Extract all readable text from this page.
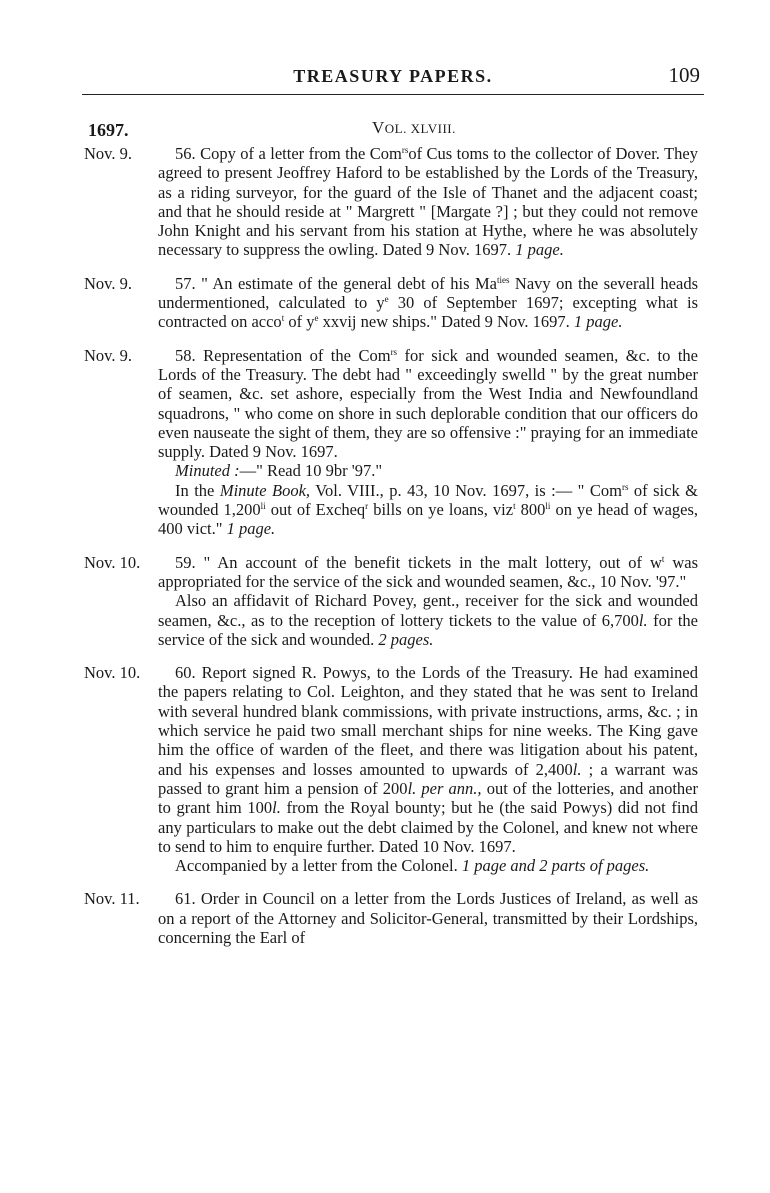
TREASURY PAPERS.	109
1697.	VOL. XLVIII.
Nov. 9.	56. Copy of a letter from the Com$^{rs}$of Cus toms to the collector of Dover. They agreed to present Jeoffrey Haford to be established by the Lords of the Treasury, as a riding surveyor, for the guard of the Isle of Thanet and the adjacent coast; and that he should reside at " Margrett " [Margate ?] ; but they could not remove John Knight and his servant from his station at Hythe, where he was absolutely necessary to suppress the owling. Dated 9 Nov. 1697. 1 page.

Nov. 9.	57. " An estimate of the general debt of his $Ma^{ties}$ Navy on the severall heads undermentioned, calculated to $y^e$ 30 of September 1697; excepting what is contracted on acco$^t$ of $y^e$ xxvij new ships." Dated 9 Nov. 1697. 1 page.

Nov. 9.	58. Representation of the Com$^{rs}$ for sick and wounded seamen, &c. to the Lords of the Treasury. The debt had " exceedingly swelld " by the great number of seamen, &c. set ashore, especially from the West India and Newfoundland squadrons, " who come on shore in such deplorable condition that our officers do even nauseate the sight of them, they are so offensive :" praying for an immediate supply. Dated 9 Nov. 1697.

Minuted :—" Read 10 9br '97."

In the Minute Book, Vol. VIII., p. 43, 10 Nov. 1697, is :— " Com$^{rs}$ of sick & wounded $1,200^{li}$ out of Excheq$^r$ bills on ye loans, viz$^t$ $800^{li}$ on ye head of wages, 400 vict." 1 page.

Nov. 10.	59. " An account of the benefit tickets in the malt lottery, out of $w^t$ was appropriated for the service of the sick and wounded seamen, &c., 10 Nov. '97."

Also an affidavit of Richard Povey, gent., receiver for the sick and wounded seamen, &c., as to the reception of lottery tickets to the value of 6,700l. for the service of the sick and wounded. 2 pages.

Nov. 10.	60. Report signed R. Powys, to the Lords of the Treasury. He had examined the papers relating to Col. Leighton, and they stated that he was sent to Ireland with several hundred blank commissions, with private instructions, arms, &c. ; in which service he paid two small merchant ships for nine weeks. The King gave him the office of warden of the fleet, and there was litigation about his patent, and his expenses and losses amounted to upwards of 2,400l. ; a warrant was passed to grant him a pension of 200l. per ann., out of the lotteries, and another to grant him 100l. from the Royal bounty; but he (the said Powys) did not find any particulars to make out the debt claimed by the Colonel, and knew not where to send to him to enquire further. Dated 10 Nov. 1697.

Accompanied by a letter from the Colonel. 1 page and 2 parts of pages.

Nov. 11.	61. Order in Council on a letter from the Lords Justices of Ireland, as well as on a report of the Attorney and Solicitor-General, transmitted by their Lordships, concerning the Earl of
